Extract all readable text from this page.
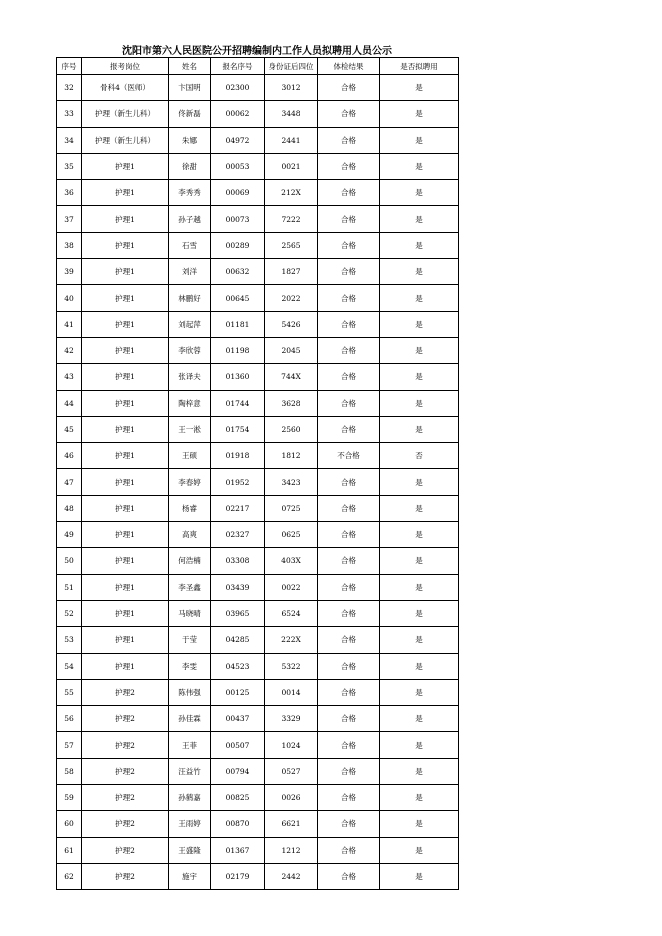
沈阳市第六人民医院公开招聘编制内工作人员拟聘用人员公示
序号	报考岗位	姓名	报名序号	身份证后四位	体检结果	是否拟聘用
32	骨科4（医师）	卞国明	02300	3012	合格	是
33	护理（新生儿科）	佟新磊	00062	3448	合格	是
34	护理（新生儿科）	朱娜	04972	2441	合格	是
35	护理1	徐甜	00053	0021	合格	是
36	护理1	李秀秀	00069	212X	合格	是
37	护理1	孙子越	00073	7222	合格	是
38	护理1	石雪	00289	2565	合格	是
39	护理1	刘洋	00632	1827	合格	是
40	护理1	林鹏好	00645	2022	合格	是
41	护理1	刘起萍	01181	5426	合格	是
42	护理1	李欣蓉	01198	2045	合格	是
43	护理1	张译夫	01360	744X	合格	是
44	护理1	陶梓意	01744	3628	合格	是
45	护理1	王一淞	01754	2560	合格	是
46	护理1	王硕	01918	1812	不合格	否
47	护理1	李春婷	01952	3423	合格	是
48	护理1	杨睿	02217	0725	合格	是
49	护理1	高爽	02327	0625	合格	是
50	护理1	何浩楠	03308	403X	合格	是
51	护理1	李圣鑫	03439	0022	合格	是
52	护理1	马晓晴	03965	6524	合格	是
53	护理1	于莹	04285	222X	合格	是
54	护理1	李雯	04523	5322	合格	是
55	护理2	陈伟强	00125	0014	合格	是
56	护理2	孙佳霖	00437	3329	合格	是
57	护理2	王菲	00507	1024	合格	是
58	护理2	汪益竹	00794	0527	合格	是
59	护理2	孙鹤嘉	00825	0026	合格	是
60	护理2	王雨婷	00870	6621	合格	是
61	护理2	王盛隆	01367	1212	合格	是
62	护理2	施宇	02179	2442	合格	是
